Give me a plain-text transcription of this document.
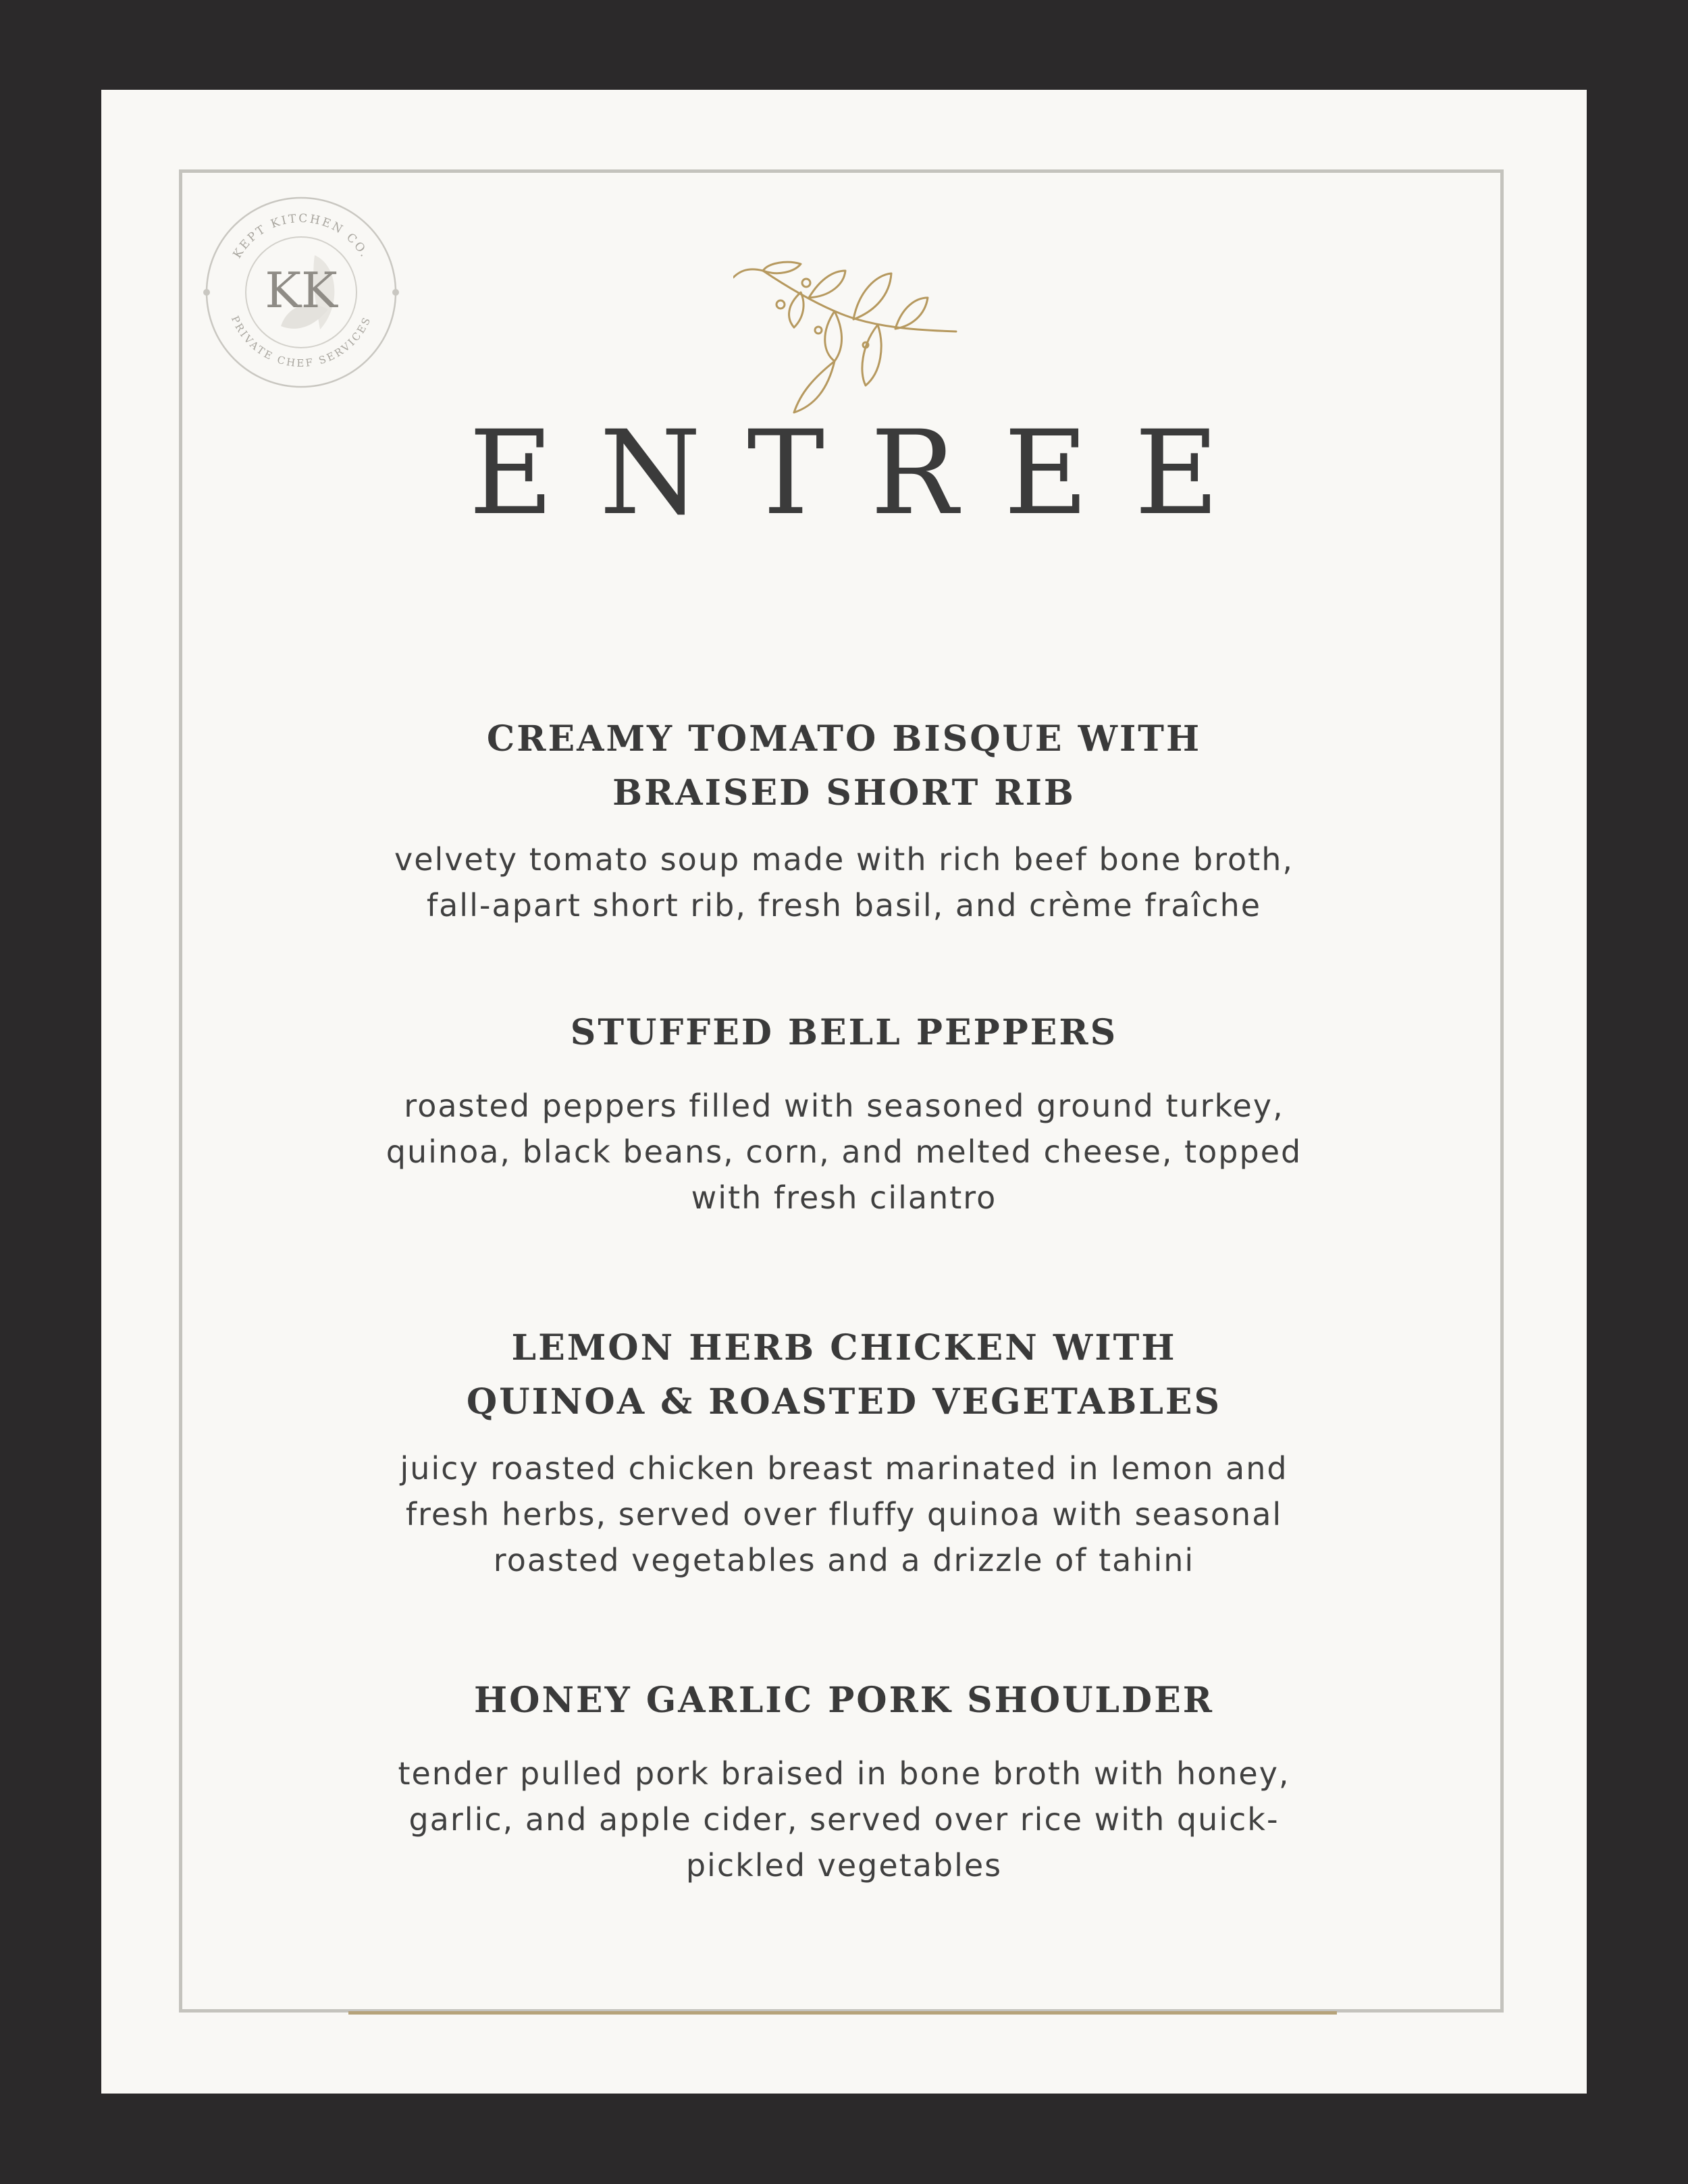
KEPT KITCHEN CO.
PRIVATE CHEF SERVICES
KK
ENTREE
CREAMY TOMATO BISQUE WITH
BRAISED SHORT RIB

velvety tomato soup made with rich beef bone broth,
fall-apart short rib, fresh basil, and crème fraîche

STUFFED BELL PEPPERS

roasted peppers filled with seasoned ground turkey,
quinoa, black beans, corn, and melted cheese, topped
with fresh cilantro

LEMON HERB CHICKEN WITH
QUINOA & ROASTED VEGETABLES

juicy roasted chicken breast marinated in lemon and
fresh herbs, served over fluffy quinoa with seasonal
roasted vegetables and a drizzle of tahini

HONEY GARLIC PORK SHOULDER

tender pulled pork braised in bone broth with honey,
garlic, and apple cider, served over rice with quick-
pickled vegetables
